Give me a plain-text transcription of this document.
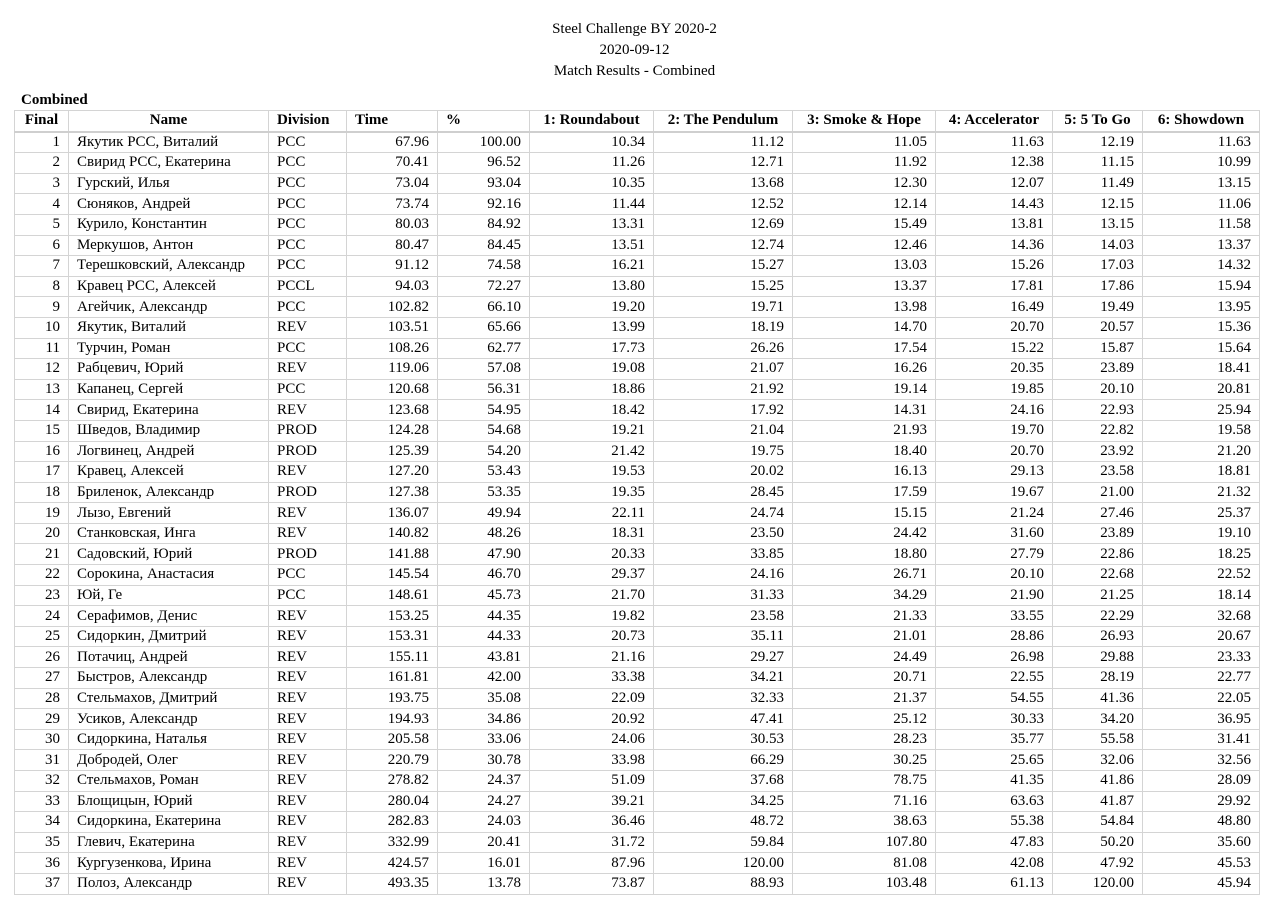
Steel Challenge BY 2020-2
2020-09-12
Match Results - Combined
Combined
Final	Name	Division	Time	%	1: Roundabout	2: The Pendulum	3: Smoke & Hope	4: Accelerator	5: 5 To Go	6: Showdown
1	Якутик PCC, Виталий	PCC	67.96	100.00	10.34	11.12	11.05	11.63	12.19	11.63
2	Свирид PCC, Екатерина	PCC	70.41	96.52	11.26	12.71	11.92	12.38	11.15	10.99
3	Гурский, Илья	PCC	73.04	93.04	10.35	13.68	12.30	12.07	11.49	13.15
4	Сюняков, Андрей	PCC	73.74	92.16	11.44	12.52	12.14	14.43	12.15	11.06
5	Курило, Константин	PCC	80.03	84.92	13.31	12.69	15.49	13.81	13.15	11.58
6	Меркушов, Антон	PCC	80.47	84.45	13.51	12.74	12.46	14.36	14.03	13.37
7	Терешковский, Александр	PCC	91.12	74.58	16.21	15.27	13.03	15.26	17.03	14.32
8	Кравец PCC, Алексей	PCCL	94.03	72.27	13.80	15.25	13.37	17.81	17.86	15.94
9	Агейчик, Александр	PCC	102.82	66.10	19.20	19.71	13.98	16.49	19.49	13.95
10	Якутик, Виталий	REV	103.51	65.66	13.99	18.19	14.70	20.70	20.57	15.36
11	Турчин, Роман	PCC	108.26	62.77	17.73	26.26	17.54	15.22	15.87	15.64
12	Рабцевич, Юрий	REV	119.06	57.08	19.08	21.07	16.26	20.35	23.89	18.41
13	Капанец, Сергей	PCC	120.68	56.31	18.86	21.92	19.14	19.85	20.10	20.81
14	Свирид, Екатерина	REV	123.68	54.95	18.42	17.92	14.31	24.16	22.93	25.94
15	Шведов, Владимир	PROD	124.28	54.68	19.21	21.04	21.93	19.70	22.82	19.58
16	Логвинец, Андрей	PROD	125.39	54.20	21.42	19.75	18.40	20.70	23.92	21.20
17	Кравец, Алексей	REV	127.20	53.43	19.53	20.02	16.13	29.13	23.58	18.81
18	Бриленок, Александр	PROD	127.38	53.35	19.35	28.45	17.59	19.67	21.00	21.32
19	Лызо, Евгений	REV	136.07	49.94	22.11	24.74	15.15	21.24	27.46	25.37
20	Станковская, Инга	REV	140.82	48.26	18.31	23.50	24.42	31.60	23.89	19.10
21	Садовский, Юрий	PROD	141.88	47.90	20.33	33.85	18.80	27.79	22.86	18.25
22	Сорокина, Анастасия	PCC	145.54	46.70	29.37	24.16	26.71	20.10	22.68	22.52
23	Юй, Ге	PCC	148.61	45.73	21.70	31.33	34.29	21.90	21.25	18.14
24	Серафимов, Денис	REV	153.25	44.35	19.82	23.58	21.33	33.55	22.29	32.68
25	Сидоркин, Дмитрий	REV	153.31	44.33	20.73	35.11	21.01	28.86	26.93	20.67
26	Потачиц, Андрей	REV	155.11	43.81	21.16	29.27	24.49	26.98	29.88	23.33
27	Быстров, Александр	REV	161.81	42.00	33.38	34.21	20.71	22.55	28.19	22.77
28	Стельмахов, Дмитрий	REV	193.75	35.08	22.09	32.33	21.37	54.55	41.36	22.05
29	Усиков, Александр	REV	194.93	34.86	20.92	47.41	25.12	30.33	34.20	36.95
30	Сидоркина, Наталья	REV	205.58	33.06	24.06	30.53	28.23	35.77	55.58	31.41
31	Добродей, Олег	REV	220.79	30.78	33.98	66.29	30.25	25.65	32.06	32.56
32	Стельмахов, Роман	REV	278.82	24.37	51.09	37.68	78.75	41.35	41.86	28.09
33	Блощицын, Юрий	REV	280.04	24.27	39.21	34.25	71.16	63.63	41.87	29.92
34	Сидоркина, Екатерина	REV	282.83	24.03	36.46	48.72	38.63	55.38	54.84	48.80
35	Глевич, Екатерина	REV	332.99	20.41	31.72	59.84	107.80	47.83	50.20	35.60
36	Кургузенкова, Ирина	REV	424.57	16.01	87.96	120.00	81.08	42.08	47.92	45.53
37	Полоз, Александр	REV	493.35	13.78	73.87	88.93	103.48	61.13	120.00	45.94
